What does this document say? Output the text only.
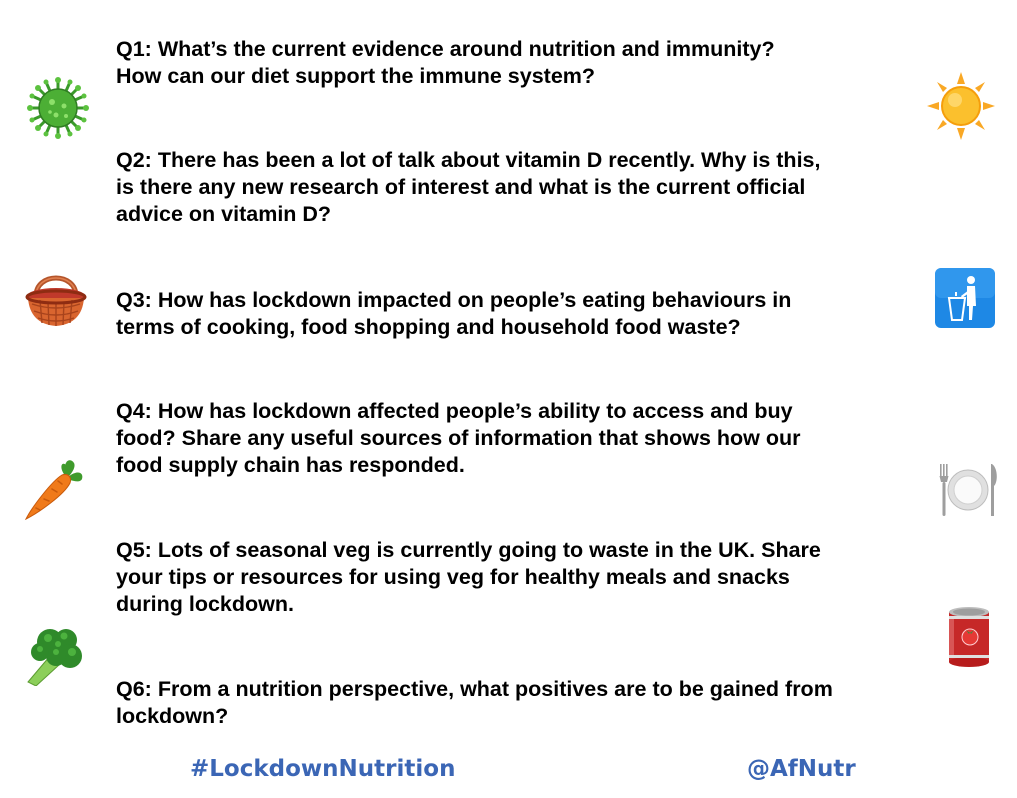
Q1: What’s the current evidence around nutrition and immunity?
How can our diet support the immune system?

Q2: There has been a lot of talk about vitamin D recently. Why is this,
is there any new research of interest and what is the current official
advice on vitamin D?

Q3: How has lockdown impacted on people’s eating behaviours in
terms of cooking, food shopping and household food waste?

Q4: How has lockdown affected people’s ability to access and buy
food? Share any useful sources of information that shows how our
food supply chain has responded.

Q5: Lots of seasonal veg is currently going to waste in the UK. Share
your tips or resources for using veg for healthy meals and snacks
during lockdown.

Q6: From a nutrition perspective, what positives are to be gained from
lockdown?

#LockdownNutrition	@AfNutr
